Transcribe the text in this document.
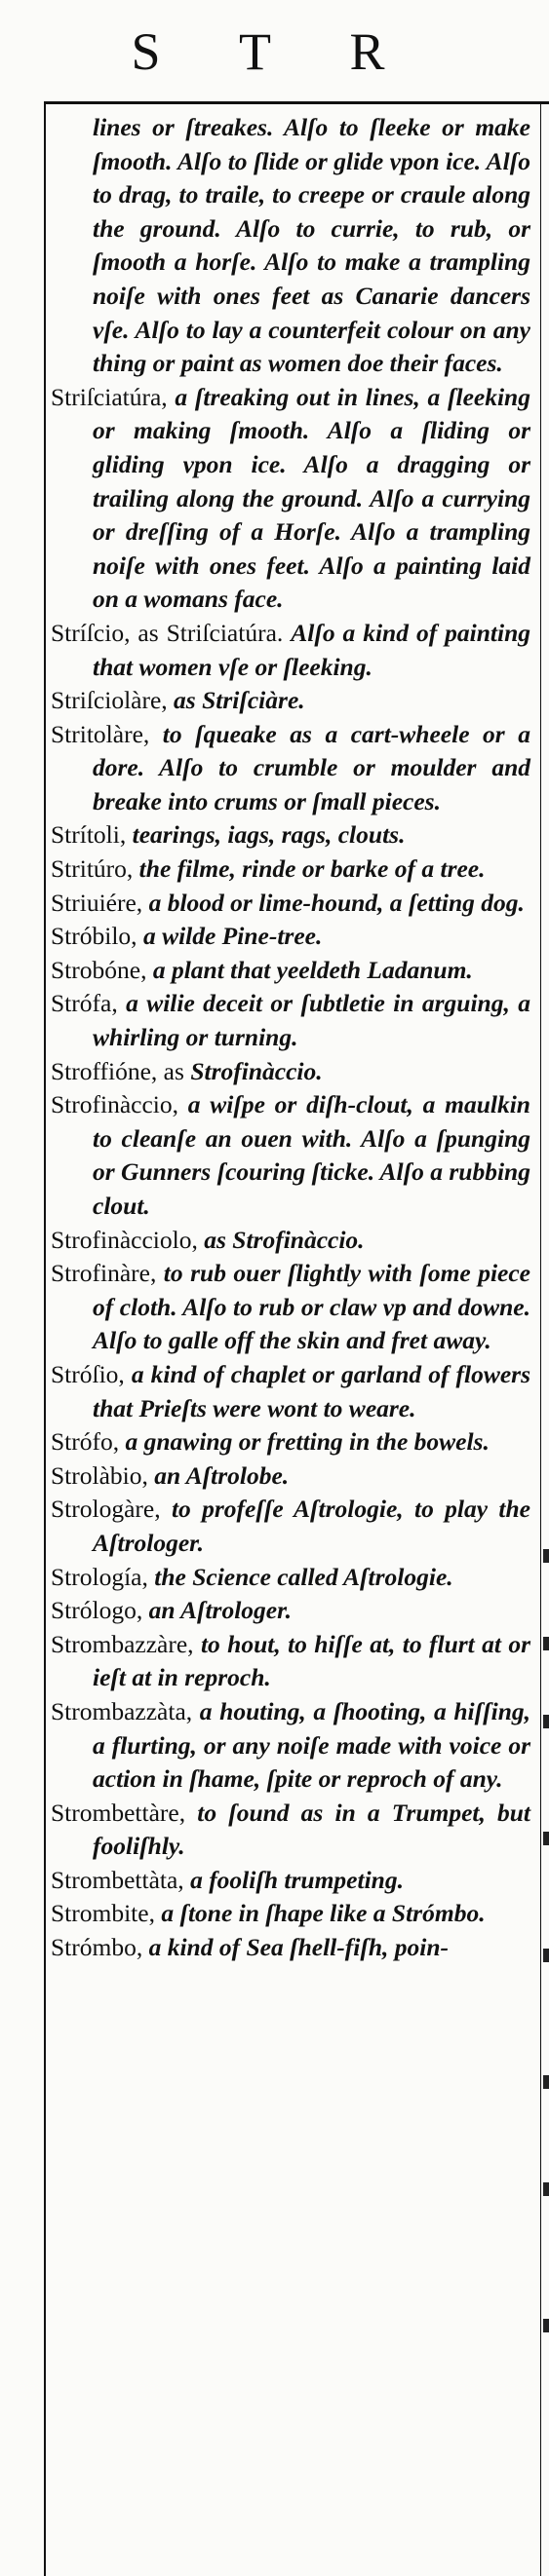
S T R

lines or ſtreakes. Alſo to ſleeke or make ſmooth. Alſo to ſlide or glide vpon ice. Alſo to drag, to traile, to creepe or craule along the ground. Alſo to currie, to rub, or ſmooth a horſe. Alſo to make a trampling noiſe with ones feet as Canarie dancers vſe. Alſo to lay a counterfeit colour on any thing or paint as women doe their faces.

Striſciatúra, a ſtreaking out in lines, a ſleeking or making ſmooth. Alſo a ſliding or gliding vpon ice. Alſo a dragging or trailing along the ground. Alſo a currying or dreſſing of a Horſe. Alſo a trampling noiſe with ones feet. Alſo a painting laid on a womans face.

Stríſcio, as Striſciatúra. Alſo a kind of painting that women vſe or ſleeking.

Striſciolàre, as Striſciàre.

Stritolàre, to ſqueake as a cart-wheele or a dore. Alſo to crumble or moulder and breake into crums or ſmall pieces.

Strítoli, tearings, iags, rags, clouts.

Stritúro, the filme, rinde or barke of a tree.

Striuiére, a blood or lime-hound, a ſetting dog.

Stróbilo, a wilde Pine-tree.

Strobóne, a plant that yeeldeth Ladanum.

Strófa, a wilie deceit or ſubtletie in arguing, a whirling or turning.

Stroffióne, as Strofinàccio.

Strofinàccio, a wiſpe or diſh-clout, a maulkin to cleanſe an ouen with. Alſo a ſpunging or Gunners ſcouring ſticke. Alſo a rubbing clout.

Strofinàcciolo, as Strofinàccio.

Strofinàre, to rub ouer ſlightly with ſome piece of cloth. Alſo to rub or claw vp and downe. Alſo to galle off the skin and fret away.

Stróſio, a kind of chaplet or garland of flowers that Prieſts were wont to weare.

Strófo, a gnawing or fretting in the bowels.

Strolàbio, an Aſtrolobe.

Strologàre, to profeſſe Aſtrologie, to play the Aſtrologer.

Strología, the Science called Aſtrologie.

Strólogo, an Aſtrologer.

Strombazzàre, to hout, to hiſſe at, to flurt at or ieſt at in reproch.

Strombazzàta, a houting, a ſhooting, a hiſſing, a flurting, or any noiſe made with voice or action in ſhame, ſpite or reproch of any.

Strombettàre, to ſound as in a Trumpet, but fooliſhly.

Strombettàta, a fooliſh trumpeting.

Strombite, a ſtone in ſhape like a Strómbo.

Strómbo, a kind of Sea ſhell-fiſh, poin-
